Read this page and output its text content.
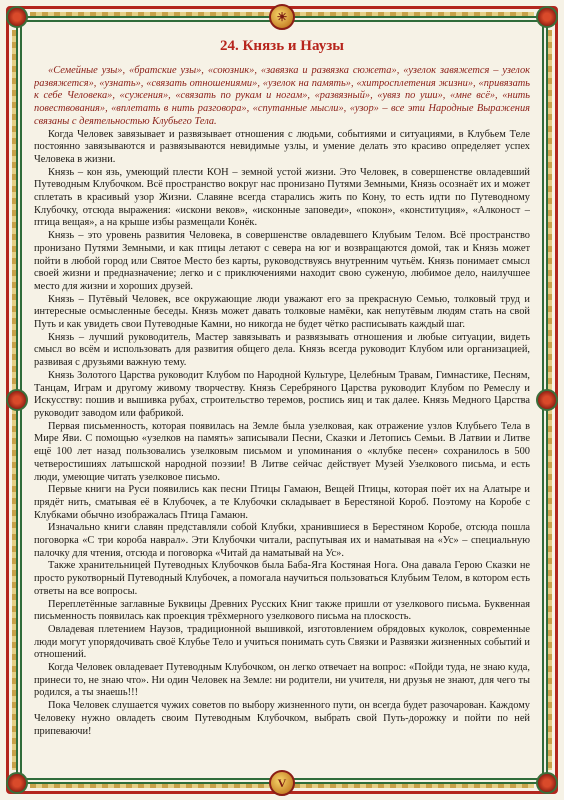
☀
V
24. Князь и Наузы

«Семейные узы», «братские узы», «союзник», «завязка и развязка сюжета», «узелок завяжется – узелок развяжется», «узнать», «связать отношениями», «узелок на память», «хитросплетения жизни», «привязать к себе Человека», «сужения», «связать по рукам и ногам», «развязный», «увяз по уши», «мне всё», «нить повествования», «вплетать в нить разговора», «спутанные мысли», «узор» – все эти Народные Выражения связаны с деятельностью Клубьего Тела.

Когда Человек завязывает и развязывает отношения с людьми, событиями и ситуациями, в Клубьем Теле постоянно завязываются и развязываются невидимые узлы, и умение делать это красиво определяет успех Человека в жизни.

Князь – кон язь, умеющий плести КОН – земной устой жизни. Это Человек, в совершенстве овладевший Путеводным Клубочком. Всё пространство вокруг нас пронизано Путями Земными, Князь осознаёт их и может сплетать в красивый узор Жизни. Славяне всегда старались жить по Кону, то есть идти по Путеводному Клубочку, отсюда выражения: «искони веков», «исконные заповеди», «покон», «конституция», «Алконост – птица вещая», а на крыше избы размещали Конёк.

Князь – это уровень развития Человека, в совершенстве овладевшего Клубьим Телом. Всё пространство пронизано Путями Земными, и как птицы летают с севера на юг и возвращаются домой, так и Князь может пойти в любой город или Святое Место без карты, руководствуясь внутренним чутьём. Князь понимает смысл своей жизни и предназначение; легко и с приключениями находит свою суженую, любимое дело, наилучшее место для жизни и хороших друзей.

Князь – Путёвый Человек, все окружающие люди уважают его за прекрасную Семью, толковый труд и интересные осмысленные беседы. Князь может давать толковые намёки, как непутёвым людям стать на свой Путь и как увидеть свои Путеводные Камни, но никогда не будет чётко расписывать каждый шаг.

Князь – лучший руководитель, Мастер завязывать и развязывать отношения и любые ситуации, видеть смысл во всём и использовать для развития общего дела. Князь всегда руководит Клубом или организацией, развивая с друзьями важную тему.

Князь Золотого Царства руководит Клубом по Народной Культуре, Целебным Травам, Гимнастике, Песням, Танцам, Играм и другому живому творчеству. Князь Серебряного Царства руководит Клубом по Ремеслу и Искусству: пошив и вышивка рубах, строительство теремов, роспись яиц и так далее. Князь Медного Царства руководит заводом или фабрикой.

Первая письменность, которая появилась на Земле была узелковая, как отражение узлов Клубьего Тела в Мире Яви. С помощью «узелков на память» записывали Песни, Сказки и Летопись Семьи. В Латвии и Литве ещё 100 лет назад пользовались узелковым письмом и упоминания о «клубке песен» сохранилось в 500 четверостишиях латышской народной поэзии! В Литве сейчас действует Музей Узелкового письма, и есть люди, умеющие читать узелковое письмо.

Первые книги на Руси появились как песни Птицы Гамаюн, Вещей Птицы, которая поёт их на Алатыре и прядёт нить, сматывая её в Клубочек, а те Клубочки складывает в Берестяной Короб. Поэтому на Коробе с Клубками обычно изображалась Птица Гамаюн.

Изначально книги славян представляли собой Клубки, хранившиеся в Берестяном Коробе, отсюда пошла поговорка «С три короба наврал». Эти Клубочки читали, распутывая их и наматывая на «Ус» – специальную палочку для чтения, отсюда и поговорка «Читай да наматывай на Ус».

Также хранительницей Путеводных Клубочков была Баба-Яга Костяная Нога. Она давала Герою Сказки не просто рукотворный Путеводный Клубочек, а помогала научиться пользоваться Клубьим Телом, в котором есть ответы на все вопросы.

Переплетённые заглавные Буквицы Древних Русских Книг также пришли от узелкового письма. Буквенная письменность появилась как проекция трёхмерного узелкового письма на плоскость.

Овладевая плетением Наузов, традиционной вышивкой, изготовлением обрядовых куколок, современные люди могут упорядочивать своё Клубье Тело и учиться понимать суть Связки и Развязки жизненных событий и отношений.

Когда Человек овладевает Путеводным Клубочком, он легко отвечает на вопрос: «Пойди туда, не знаю куда, принеси то, не знаю что». Ни один Человек на Земле: ни родители, ни учителя, ни друзья не знают, для чего ты родился, а ты знаешь!!!

Пока Человек слушается чужих советов по выбору жизненного пути, он всегда будет разочарован. Каждому Человеку нужно овладеть своим Путеводным Клубочком, выбрать свой Путь-дорожку и пойти по ней припеваючи!
